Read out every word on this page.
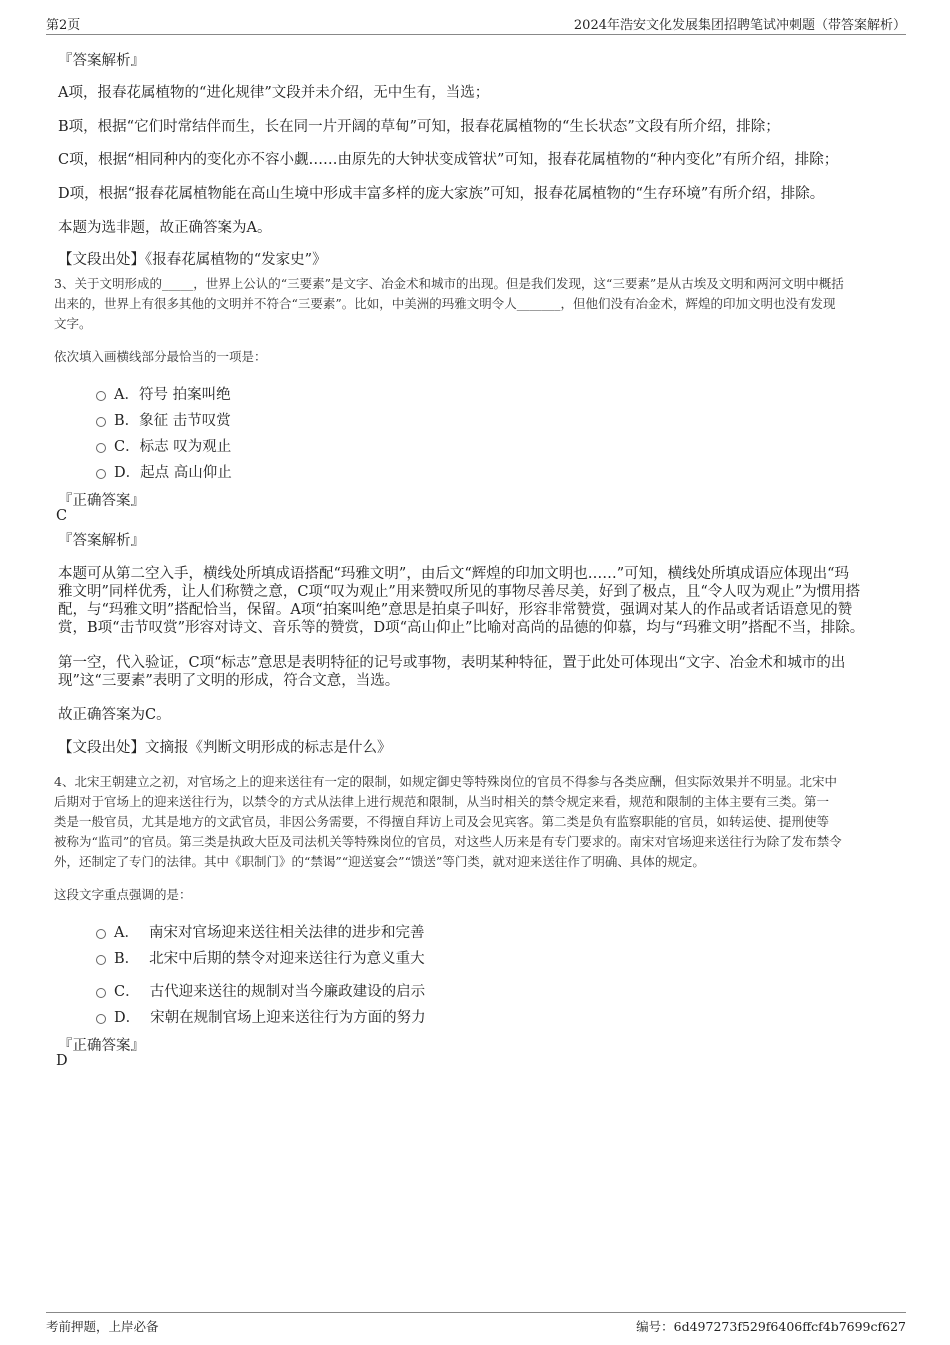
第2页	2024年浩安文化发展集团招聘笔试冲刺题（带答案解析）
『答案解析』
A项，报春花属植物的“进化规律”文段并未介绍，无中生有，当选；
B项，根据“它们时常结伴而生，长在同一片开阔的草甸”可知，报春花属植物的“生长状态”文段有所介绍，排除；
C项，根据“相同种内的变化亦不容小觑……由原先的大钟状变成管状”可知，报春花属植物的“种内变化”有所介绍，排除；
D项，根据“报春花属植物能在高山生境中形成丰富多样的庞大家族”可知，报春花属植物的“生存环境”有所介绍，排除。
本题为选非题，故正确答案为A。
【文段出处】《报春花属植物的“发家史”》
3、关于文明形成的_____，世界上公认的“三要素”是文字、冶金术和城市的出现。但是我们发现，这“三要素”是从古埃及文明和两河文明中概括
出来的，世界上有很多其他的文明并不符合“三要素”。比如，中美洲的玛雅文明令人_______，但他们没有冶金术，辉煌的印加文明也没有发现
文字。
依次填入画横线部分最恰当的一项是：
A．符号 拍案叫绝
B．象征 击节叹赏
C．标志 叹为观止
D．起点 高山仰止
『正确答案』
C
『答案解析』
本题可从第二空入手，横线处所填成语搭配“玛雅文明”，由后文“辉煌的印加文明也……”可知，横线处所填成语应体现出“玛
雅文明”同样优秀，让人们称赞之意，C项“叹为观止”用来赞叹所见的事物尽善尽美，好到了极点，且“令人叹为观止”为惯用搭
配，与“玛雅文明”搭配恰当，保留。A项“拍案叫绝”意思是拍桌子叫好，形容非常赞赏，强调对某人的作品或者话语意见的赞
赏，B项“击节叹赏”形容对诗文、音乐等的赞赏，D项“高山仰止”比喻对高尚的品德的仰慕，均与“玛雅文明”搭配不当，排除。
第一空，代入验证，C项“标志”意思是表明特征的记号或事物，表明某种特征，置于此处可体现出“文字、冶金术和城市的出
现”这“三要素”表明了文明的形成，符合文意，当选。
故正确答案为C。
【文段出处】文摘报《判断文明形成的标志是什么》
4、北宋王朝建立之初，对官场之上的迎来送往有一定的限制，如规定御史等特殊岗位的官员不得参与各类应酬，但实际效果并不明显。北宋中
后期对于官场上的迎来送往行为，以禁令的方式从法律上进行规范和限制，从当时相关的禁令规定来看，规范和限制的主体主要有三类。第一
类是一般官员，尤其是地方的文武官员，非因公务需要，不得擅自拜访上司及会见宾客。第二类是负有监察职能的官员，如转运使、提刑使等
被称为“监司”的官员。第三类是执政大臣及司法机关等特殊岗位的官员，对这些人历来是有专门要求的。南宋对官场迎来送往行为除了发布禁令
外，还制定了专门的法律。其中《职制门》的“禁谒”“迎送宴会”“馈送”等门类，就对迎来送往作了明确、具体的规定。
这段文字重点强调的是：
A． 南宋对官场迎来送往相关法律的进步和完善
B． 北宋中后期的禁令对迎来送往行为意义重大
C． 古代迎来送往的规制对当今廉政建设的启示
D． 宋朝在规制官场上迎来送往行为方面的努力
『正确答案』
D
考前押题，上岸必备	编号：6d497273f529f6406ffcf4b7699cf627
